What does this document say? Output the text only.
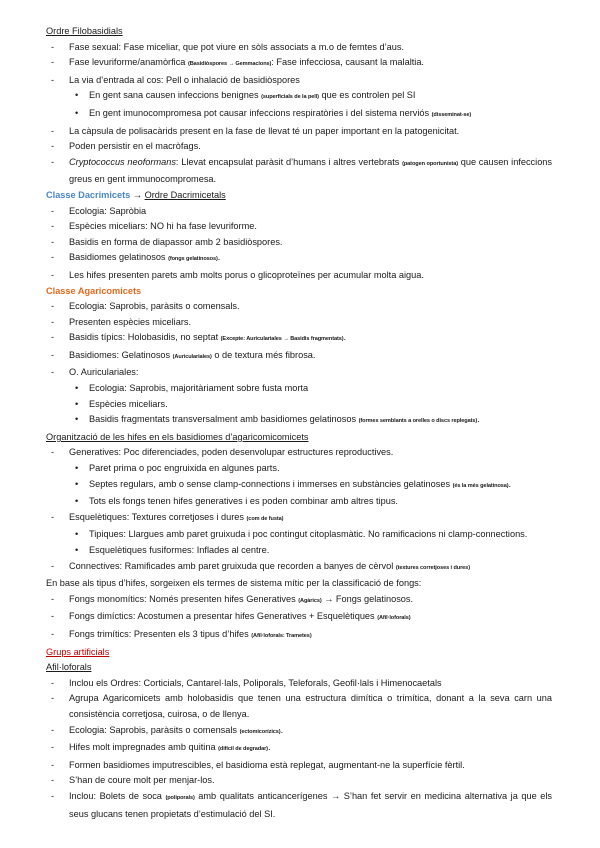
Ordre Filobasidials

- Fase sexual: Fase miceliar, que pot viure en sòls associats a m.o de femtes d’aus.

- Fase levuriforme/anamòrfica (Basidiòspores → Gemmacions): Fase infecciosa, causant la malaltia.

- La via d’entrada al cos: Pell o inhalació de basidiòspores

• En gent sana causen infeccions benignes (superficials de la pell) que es controlen pel SI

• En gent imunocompromesa pot causar infeccions respiratòries i del sistema nerviós (disseminat-se)

- La càpsula de polisacàrids present en la fase de llevat té un paper important en la patogenicitat.

- Poden persistir en el macròfags.

- Cryptococcus neoformans: Llevat encapsulat paràsit d’humans i altres vertebrats (patogen oportunista) que causen infeccions greus en gent immunocompromesa.

Classe Dacrimicets → Ordre Dacrimicetals

- Ecologia: Sapròbia

- Espècies miceliars: NO hi ha fase levuriforme.

- Basidis en forma de diapassor amb 2 basidiòspores.

- Basidiomes gelatinosos (fongs gelatinosos).

- Les hifes presenten parets amb molts porus o glicoproteïnes per acumular molta aigua.

Classe Agaricomicets

- Ecologia: Saprobis, paràsits o comensals.

- Presenten espècies miceliars.

- Basidis típics: Holobasidis, no septat (Excepte: Auriculariales → Basidis fragmentats).

- Basidiomes: Gelatinosos (Auriculariales) o de textura més fibrosa.

- O. Auriculariales:

• Ecologia: Saprobis, majoritàriament sobre fusta morta

• Espècies miceliars.

• Basidis fragmentats transversalment amb basidiomes gelatinosos (formes semblants a orelles o discs replegats).

Organització de les hifes en els basidiomes d’agaricomicomicets

- Generatives: Poc diferenciades, poden desenvolupar estructures reproductives.

• Paret prima o poc engruixida en algunes parts.

• Septes regulars, amb o sense clamp-connections i immerses en substàncies gelatinoses (és la més gelatinosa).

• Tots els fongs tenen hifes generatives i es poden combinar amb altres tipus.

- Esquelètiques: Textures corretjoses i dures (com de fusta)

• Tipiques: Llargues amb paret gruixuda i poc contingut citoplasmàtic. No ramificacions ni clamp-connections.

• Esquelètiques fusiformes: Inflades al centre.

- Connectives: Ramificades amb paret gruixuda que recorden a banyes de cèrvol (textures corretjoses i dures)

En base als tipus d’hifes, sorgeixen els termes de sistema mític per la classificació de fongs:

- Fongs monomítics: Només presenten hifes Generatives (Agàrics) → Fongs gelatinosos.

- Fongs dimíctics: Acostumen a presentar hifes Generatives + Esquelètiques (Afil·loforals)

- Fongs trimítics: Presenten els 3 tipus d’hifes (Afil·loforals: Trametes)

Grups artificials

Afil·loforals

- Inclou els Ordres: Corticials, Cantarel·lals, Poliporals, Teleforals, Geofil·lals i Himenocaetals

- Agrupa Agaricomicets amb holobasidis que tenen una estructura dimítica o trimítica, donant a la seva carn una consistència corretjosa, cuirosa, o de llenya.

- Ecologia: Saprobis, paràsits o comensals (ectomicorízics).

- Hifes molt impregnades amb quitina (difícil de degradar).

- Formen basidiomes imputrescibles, el basidioma està replegat, augmentant-ne la superfície fèrtil.

- S’han de coure molt per menjar-los.

- Inclou: Bolets de soca (poliporals) amb qualitats anticancerígenes → S’han fet servir en medicina alternativa ja que els seus glucans tenen propietats d’estimulació del SI.
